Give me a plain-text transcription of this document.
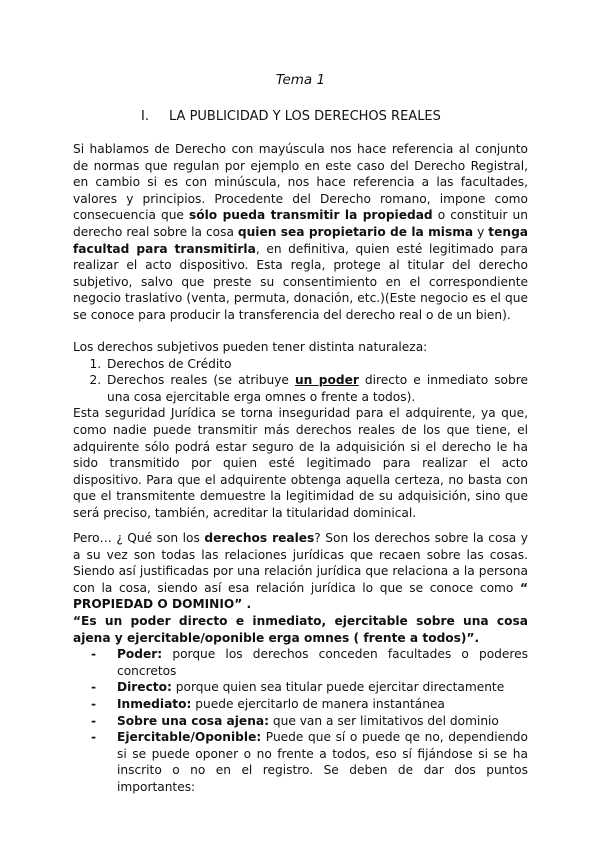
Tema 1
I. LA PUBLICIDAD Y LOS DERECHOS REALES

Si hablamos de Derecho con mayúscula nos hace referencia al conjunto de normas que regulan por ejemplo en este caso del Derecho Registral, en cambio si es con minúscula, nos hace referencia a las facultades, valores y principios. Procedente del Derecho romano, impone como consecuencia que sólo pueda transmitir la propiedad o constituir un derecho real sobre la cosa quien sea propietario de la misma y tenga facultad para transmitirla, en definitiva, quien esté legitimado para realizar el acto dispositivo. Esta regla, protege al titular del derecho subjetivo, salvo que preste su consentimiento en el correspondiente negocio traslativo (venta, permuta, donación, etc.)(Este negocio es el que se conoce para producir la transferencia del derecho real o de un bien).

Los derechos subjetivos pueden tener distinta naturaleza:

1. Derechos de Crédito
2. Derechos reales (se atribuye un poder directo e inmediato sobre una cosa ejercitable erga omnes o frente a todos).

Esta seguridad Jurídica se torna inseguridad para el adquirente, ya que, como nadie puede transmitir más derechos reales de los que tiene, el adquirente sólo podrá estar seguro de la adquisición si el derecho le ha sido transmitido por quien esté legitimado para realizar el acto dispositivo. Para que el adquirente obtenga aquella certeza, no basta con que el transmitente demuestre la legitimidad de su adquisición, sino que será preciso, también, acreditar la titularidad dominical.

Pero… ¿ Qué son los derechos reales? Son los derechos sobre la cosa y a su vez son todas las relaciones jurídicas que recaen sobre las cosas. Siendo así justificadas por una relación jurídica que relaciona a la persona con la cosa, siendo así esa relación jurídica lo que se conoce como “ PROPIEDAD O DOMINIO” .

“Es un poder directo e inmediato, ejercitable sobre una cosa ajena y ejercitable/oponible erga omnes ( frente a todos)”.

- Poder: porque los derechos conceden facultades o poderes concretos
- Directo: porque quien sea titular puede ejercitar directamente
- Inmediato: puede ejercitarlo de manera instantánea
- Sobre una cosa ajena: que van a ser limitativos del dominio
- Ejercitable/Oponible: Puede que sí o puede qe no, dependiendo si se puede oponer o no frente a todos, eso sí fijándose si se ha inscrito o no en el registro. Se deben de dar dos puntos importantes:
